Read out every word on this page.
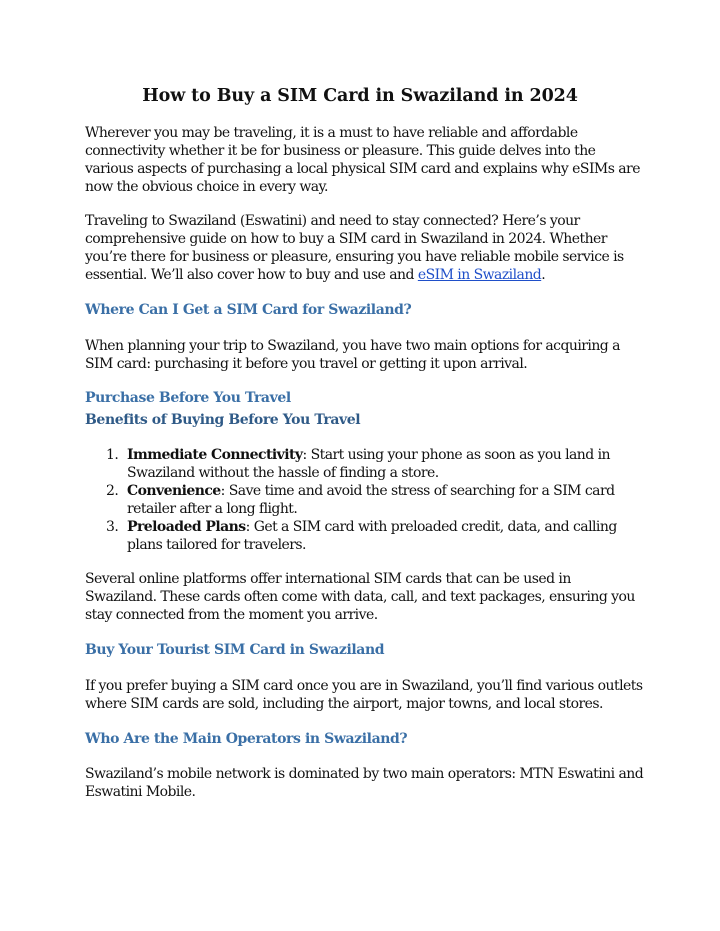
How to Buy a SIM Card in Swaziland in 2024

Wherever you may be traveling, it is a must to have reliable and affordable connectivity whether it be for business or pleasure. This guide delves into the various aspects of purchasing a local physical SIM card and explains why eSIMs are now the obvious choice in every way.

Traveling to Swaziland (Eswatini) and need to stay connected? Here’s your comprehensive guide on how to buy a SIM card in Swaziland in 2024. Whether you’re there for business or pleasure, ensuring you have reliable mobile service is essential. We’ll also cover how to buy and use and eSIM in Swaziland.

Where Can I Get a SIM Card for Swaziland?

When planning your trip to Swaziland, you have two main options for acquiring a SIM card: purchasing it before you travel or getting it upon arrival.

Purchase Before You Travel
Benefits of Buying Before You Travel
1. Immediate Connectivity: Start using your phone as soon as you land in Swaziland without the hassle of finding a store.
2. Convenience: Save time and avoid the stress of searching for a SIM card retailer after a long flight.
3. Preloaded Plans: Get a SIM card with preloaded credit, data, and calling plans tailored for travelers.

Several online platforms offer international SIM cards that can be used in Swaziland. These cards often come with data, call, and text packages, ensuring you stay connected from the moment you arrive.

Buy Your Tourist SIM Card in Swaziland

If you prefer buying a SIM card once you are in Swaziland, you’ll find various outlets where SIM cards are sold, including the airport, major towns, and local stores.

Who Are the Main Operators in Swaziland?

Swaziland’s mobile network is dominated by two main operators: MTN Eswatini and Eswatini Mobile.
